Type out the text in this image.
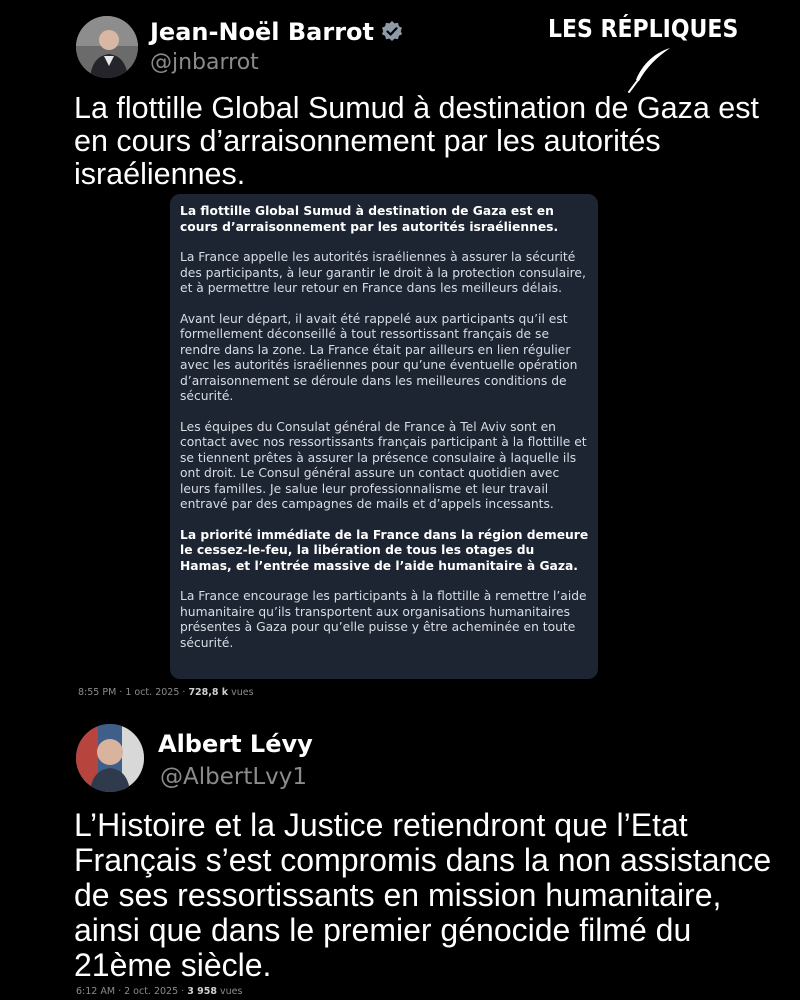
Jean-Noël Barrot
@jnbarrot
LES RÉPLIQUES

La flottille Global Sumud à destination de Gaza est en cours d’arraisonnement par les autorités israéliennes.

La flottille Global Sumud à destination de Gaza est en cours d’arraisonnement par les autorités israéliennes.

La France appelle les autorités israéliennes à assurer la sécurité des participants, à leur garantir le droit à la protection consulaire, et à permettre leur retour en France dans les meilleurs délais.

Avant leur départ, il avait été rappelé aux participants qu’il est formellement déconseillé à tout ressortissant français de se rendre dans la zone. La France était par ailleurs en lien régulier avec les autorités israéliennes pour qu’une éventuelle opération d’arraisonnement se déroule dans les meilleures conditions de sécurité.

Les équipes du Consulat général de France à Tel Aviv sont en contact avec nos ressortissants français participant à la flottille et se tiennent prêtes à assurer la présence consulaire à laquelle ils ont droit. Le Consul général assure un contact quotidien avec leurs familles. Je salue leur professionnalisme et leur travail entravé par des campagnes de mails et d’appels incessants.

La priorité immédiate de la France dans la région demeure le cessez-le-feu, la libération de tous les otages du Hamas, et l’entrée massive de l’aide humanitaire à Gaza.

La France encourage les participants à la flottille à remettre l’aide humanitaire qu’ils transportent aux organisations humanitaires présentes à Gaza pour qu’elle puisse y être acheminée en toute sécurité.

8:55 PM · 1 oct. 2025 · 728,8 k vues
Albert Lévy
@AlbertLvy1

L’Histoire et la Justice retiendront que l’Etat Français s’est compromis dans la non assistance de ses ressortissants en mission humanitaire, ainsi que dans le premier génocide filmé du 21ème siècle.

6:12 AM · 2 oct. 2025 · 3 958 vues
